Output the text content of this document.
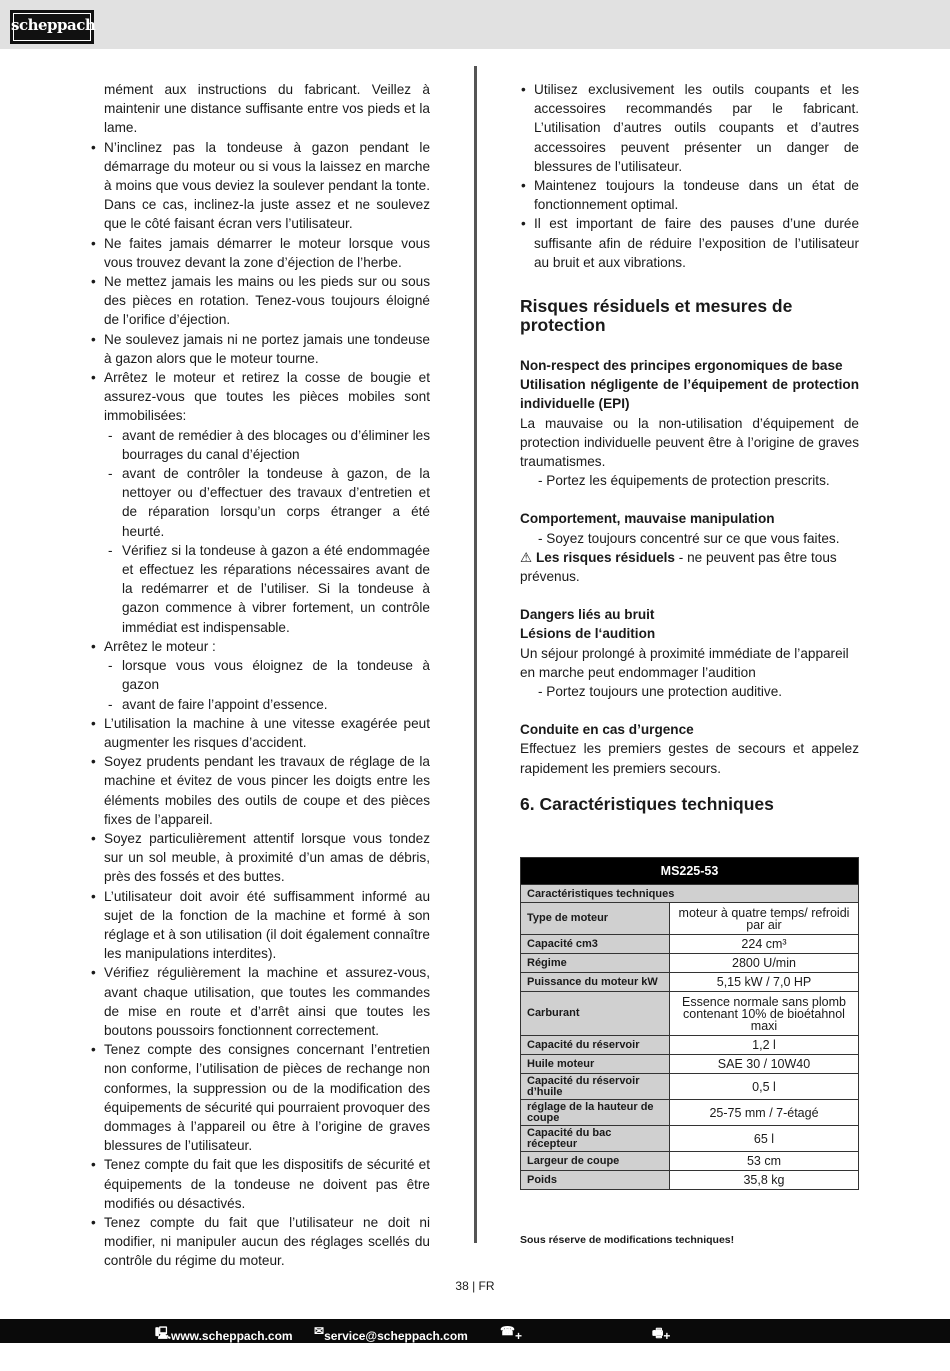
scheppach

mément aux instructions du fabricant. Veillez à maintenir une distance suffisante entre vos pieds et la lame.

• N’inclinez pas la tondeuse à gazon pendant le démarrage du moteur ou si vous la laissez en marche à moins que vous deviez la soulever pendant la tonte. Dans ce cas, inclinez-la juste assez et ne soulevez que le côté faisant écran vers l’utilisateur.

• Ne faites jamais démarrer le moteur lorsque vous vous trouvez devant la zone d’éjection de l’herbe.

• Ne mettez jamais les mains ou les pieds sur ou sous des pièces en rotation. Tenez-vous toujours éloigné de l’orifice d’éjection.

• Ne soulevez jamais ni ne portez jamais une tondeuse à gazon alors que le moteur tourne.

• Arrêtez le moteur et retirez la cosse de bougie et assurez-vous que toutes les pièces mobiles sont immobilisées:

- avant de remédier à des blocages ou d’éliminer les bourrages du canal d’éjection

- avant de contrôler la tondeuse à gazon, de la nettoyer ou d’effectuer des travaux d’entretien et de réparation lorsqu’un corps étranger a été heurté.

- Vérifiez si la tondeuse à gazon a été endommagée et effectuez les réparations nécessaires avant de la redémarrer et de l’utiliser. Si la tondeuse à gazon commence à vibrer fortement, un contrôle immédiat est indispensable.

• Arrêtez le moteur :

- lorsque vous vous éloignez de la tondeuse à gazon

- avant de faire l’appoint d’essence.

• L’utilisation la machine à une vitesse exagérée peut augmenter les risques d’accident.

• Soyez prudents pendant les travaux de réglage de la machine et évitez de vous pincer les doigts entre les éléments mobiles des outils de coupe et des pièces fixes de l’appareil.

• Soyez particulièrement attentif lorsque vous tondez sur un sol meuble, à proximité d’un amas de débris, près des fossés et des buttes.

• L’utilisateur doit avoir été suffisamment informé au sujet de la fonction de la machine et formé à son réglage et à son utilisation (il doit également connaître les manipulations interdites).

• Vérifiez régulièrement la machine et assurez-vous, avant chaque utilisation, que toutes les commandes de mise en route et d’arrêt ainsi que toutes les boutons poussoirs fonctionnent correctement.

• Tenez compte des consignes concernant l’entretien non conforme, l’utilisation de pièces de rechange non conformes, la suppression ou de la modification des équipements de sécurité qui pourraient provoquer des dommages à l’appareil ou être à l’origine de graves blessures de l’utilisateur.

• Tenez compte du fait que les dispositifs de sécurité et équipements de la tondeuse ne doivent pas être modifiés ou désactivés.

• Tenez compte du fait que l’utilisateur ne doit ni modifier, ni manipuler aucun des réglages scellés du contrôle du régime du moteur.

• Utilisez exclusivement les outils coupants et les accessoires recommandés par le fabricant. L’utilisation d’autres outils coupants et d’autres accessoires peuvent présenter un danger de blessures de l’utilisateur.

• Maintenez toujours la tondeuse dans un état de fonctionnement optimal.

• Il est important de faire des pauses d’une durée suffisante afin de réduire l’exposition de l’utilisateur au bruit et aux vibrations.

Risques résiduels et mesures de protection

Non-respect des principes ergonomiques de base

Utilisation négligente de l’équipement de protection individuelle (EPI)

La mauvaise ou la non-utilisation d’équipement de protection individuelle peuvent être à l’origine de graves traumatismes.

- Portez les équipements de protection prescrits.

Comportement, mauvaise manipulation

- Soyez toujours concentré sur ce que vous faites.

⚠ Les risques résiduels - ne peuvent pas être tous prévenus.

Dangers liés au bruit

Lésions de l‘audition

Un séjour prolongé à proximité immédiate de l’appareil en marche peut endommager l’audition

- Portez toujours une protection auditive.

Conduite en cas d’urgence

Effectuez les premiers gestes de secours et appelez rapidement les premiers secours.

6. Caractéristiques techniques
MS225-53	
Caractéristiques techniques	
Type de moteur	moteur à quatre temps/ refroidi par air
Capacité cm3	224 cm³
Régime	2800 U/min
Puissance du moteur kW	5,15 kW / 7,0 HP
Carburant	Essence normale sans plomb contenant 10% de bioétahnol maxi
Capacité du réservoir	1,2 l
Huile moteur	SAE 30 / 10W40
Capacité du réservoir d’huile	0,5 l
réglage de la hauteur de coupe	25-75 mm / 7-étagé
Capacité du bac récepteur	65 l
Largeur de coupe	53 cm
Poids	35,8 kg
Sous réserve de modifications techniques!
38 | FR
🖳 www.scheppach.com ✉ service@scheppach.com	☎ +(49)-08223-4002-99
🖷 +(49)-08223-4002-58
